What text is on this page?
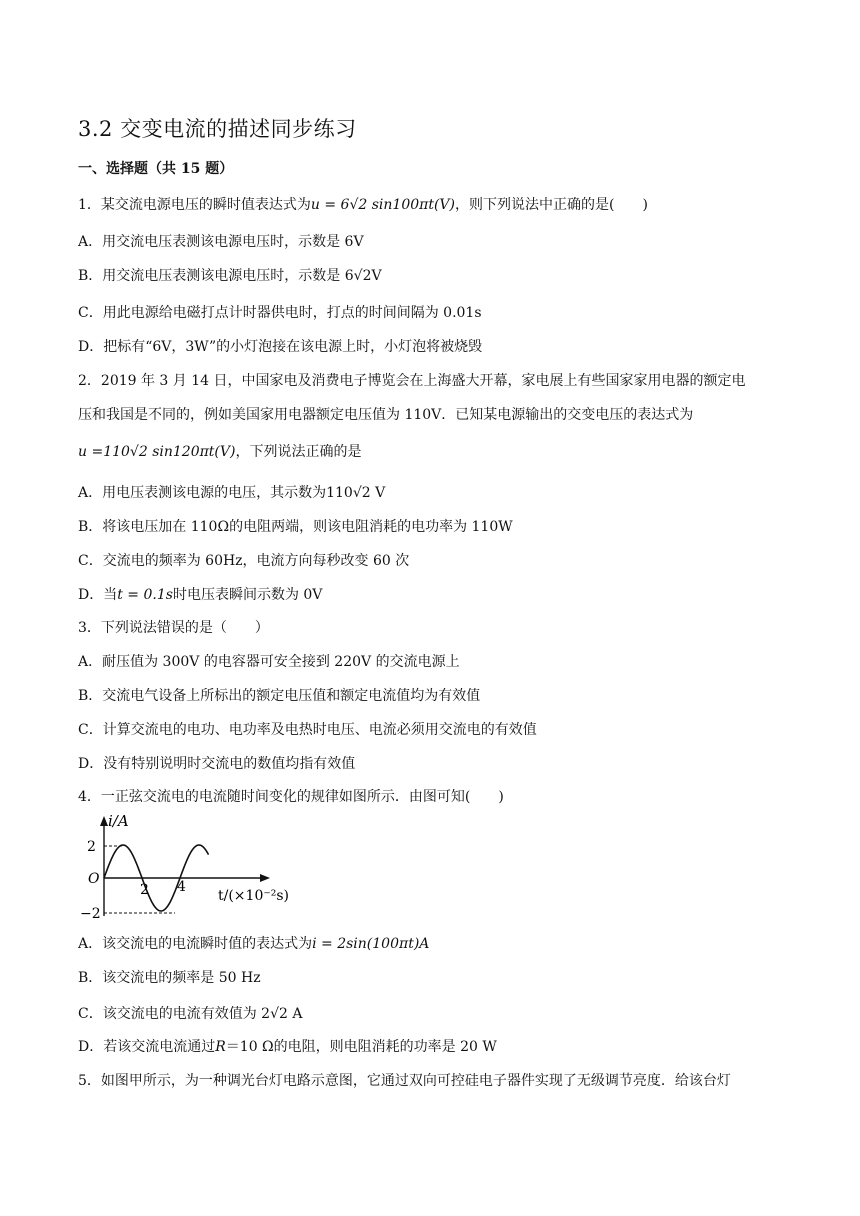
3.2 交变电流的描述同步练习
一、选择题（共 15 题）
1．某交流电源电压的瞬时值表达式为u = 6√2 sin100πt(V)，则下列说法中正确的是(　　)
A．用交流电压表测该电源电压时，示数是 6V
B．用交流电压表测该电源电压时，示数是 6√2V
C．用此电源给电磁打点计时器供电时，打点的时间间隔为 0.01s
D．把标有“6V，3W”的小灯泡接在该电源上时，小灯泡将被烧毁
2．2019 年 3 月 14 日，中国家电及消费电子博览会在上海盛大开幕，家电展上有些国家家用电器的额定电
压和我国是不同的，例如美国家用电器额定电压值为 110V．已知某电源输出的交变电压的表达式为
u =110√2 sin120πt(V)，下列说法正确的是
A．用电压表测该电源的电压，其示数为110√2 V
B．将该电压加在 110Ω的电阻两端，则该电阻消耗的电功率为 110W
C．交流电的频率为 60Hz，电流方向每秒改变 60 次
D．当t = 0.1s时电压表瞬间示数为 0V
3．下列说法错误的是（　　）
A．耐压值为 300V 的电容器可安全接到 220V 的交流电源上
B．交流电气设备上所标出的额定电压值和额定电流值均为有效值
C．计算交流电的电功、电功率及电热时电压、电流必须用交流电的有效值
D．没有特别说明时交流电的数值均指有效值
4．一正弦交流电的电流随时间变化的规律如图所示．由图可知(　　)
i/A
2
−2
O
2 4
t/(×10⁻²s)
A．该交流电的电流瞬时值的表达式为i = 2sin(100πt)A
B．该交流电的频率是 50 Hz
C．该交流电的电流有效值为 2√2 A
D．若该交流电流通过R＝10 Ω的电阻，则电阻消耗的功率是 20 W
5．如图甲所示，为一种调光台灯电路示意图，它通过双向可控硅电子器件实现了无级调节亮度．给该台灯
